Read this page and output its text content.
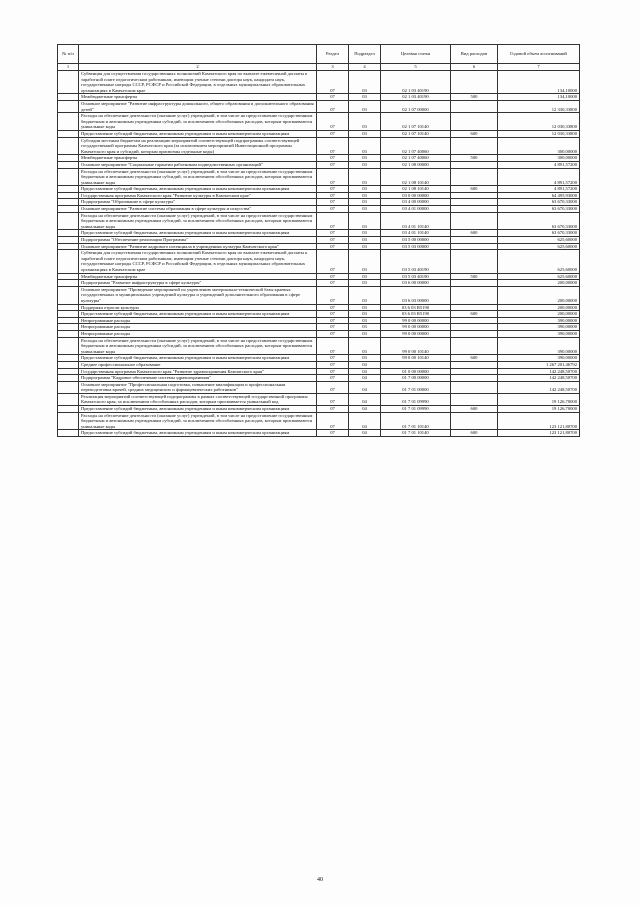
№ п/п		Раздел	Подраздел	Целевая статья	Вид расходов	Годовой объем ассигнований
1	2	3	4	5	6	7
	Субвенция для осуществления государственных полномочий Камчатского края по выплате ежемесячной доплаты к заработной плате педагогическим работникам, имеющим ученые степени доктора наук, кандидата наук, государственные награды СССР, РСФСР и Российской Федерации, в отдельных муниципальных образовательных организациях в Камчатском крае	07	03	02 1 03 40190		134,10000
	Межбюджетные трансферты	07	03	02 1 03 40190	500	134,10000
	Основное мероприятие "Развитие инфраструктуры дошкольного, общего образования и дополнительного образования детей"	07	03	02 1 07 00000		12 330,33800
	Расходы на обеспечение деятельности (оказание услуг) учреждений, в том числе на предоставление государственным бюджетным и автономным учреждениям субсидий, за исключением обособленных расходов, которым присваиваются уникальные коды	07	03	02 1 07 10140		12 030,33800
	Предоставление субсидий бюджетным, автономным учреждениям и иным некоммерческим организациям	07	03	02 1 07 10140	600	12 030,33800
	Субсидии местным бюджетам на реализацию мероприятий соответствующей подпрограммы соответствующей государственной программы Камчатского края (за исключением мероприятий Инвестиционной программы Камчатского края и субсидий, которым присвоены отдельные коды)	07	03	02 1 07 40060		300,00000
	Межбюджетные трансферты	07	03	02 1 07 40060	500	300,00000
	Основное мероприятие "Социальные гарантии работникам подведомственных организаций"	07	03	02 1 08 00000		4 891,57200
	Расходы на обеспечение деятельности (оказание услуг) учреждений, в том числе на предоставление государственным бюджетным и автономным учреждениям субсидий, за исключением обособленных расходов, которым присваиваются уникальные коды	07	03	02 1 08 10140		4 891,57200
	Предоставление субсидий бюджетным, автономным учреждениям и иным некоммерческим организациям	07	03	02 1 08 10140	600	4 891,57200
	Государственная программа Камчатского края "Развитие культуры в Камчатском крае"	07	03	03 0 00 00000		64 495,93000
	Подпрограмма "Образование в сфере культуры"	07	03	03 4 00 00000		63 670,33000
	Основное мероприятие "Развитие системы образования в сфере культуры и искусства"	07	03	03 4 01 00000		63 670,33000
	Расходы на обеспечение деятельности (оказание услуг) учреждений, в том числе на предоставление государственным бюджетным и автономным учреждениям субсидий, за исключением обособленных расходов, которым присваиваются уникальные коды	07	03	03 4 01 10140		63 670,33000
	Предоставление субсидий бюджетным, автономным учреждениям и иным некоммерческим организациям	07	03	03 4 01 10140	600	63 670,33000
	Подпрограмма "Обеспечение реализации Программы"	07	03	03 5 00 00000		625,60000
	Основное мероприятие "Развитие кадрового потенциала в учреждениях культуры Камчатского края"	07	03	03 5 03 00000		625,60000
	Субвенция для осуществления государственных полномочий Камчатского края по выплате ежемесячной доплаты к заработной плате педагогическим работникам, имеющим ученые степени доктора наук, кандидата наук, государственные награды СССР, РСФСР и Российской Федерации, в отдельных муниципальных образовательных организациях в Камчатском крае	07	03	03 5 03 40190		625,60000
	Межбюджетные трансферты	07	03	03 5 03 40190	500	625,60000
	Подпрограмма "Развитие инфраструктуры в сфере культуры"	07	03	03 6 00 00000		200,00000
	Основное мероприятие "Проведение мероприятий по укреплению материально-технической базы краевых государственных и муниципальных учреждений культуры и учреждений дополнительного образования в сфере культуры"	07	03	03 6 03 00000		200,00000
	Поддержка отрасли культуры	07	03	03 6 03 R5190		200,00000
	Предоставление субсидий бюджетным, автономным учреждениям и иным некоммерческим организациям	07	03	03 6 03 R5190	600	200,00000
	Непрограммные расходы	07	03	99 0 00 00000		390,00000
	Непрограммные расходы	07	03	99 0 00 00000		390,00000
	Непрограммные расходы	07	03	99 0 00 00000		390,00000
	Расходы на обеспечение деятельности (оказание услуг) учреждений, в том числе на предоставление государственным бюджетным и автономным учреждениям субсидий, за исключением обособленных расходов, которым присваиваются уникальные коды	07	03	99 0 00 10140		390,00000
	Предоставление субсидий бюджетным, автономным учреждениям и иным некоммерческим организациям	07	03	99 0 00 10140	600	390,00000
	Среднее профессиональное образование	07	04			1 267 201,46792
	Государственная программа Камчатского края "Развитие здравоохранения Камчатского края"	07	04	01 0 00 00000		142 248,50700
	Подпрограмма "Кадровое обеспечение системы здравоохранения"	07	04	01 7 00 00000		142 248,50700
	Основное мероприятие "Профессиональная подготовка, повышение квалификации и профессиональная переподготовка врачей, средних медицинских и фармацевтических работников"	07	04	01 7 01 00000		142 248,50700
	Реализация мероприятий соответствующей подпрограммы в рамках соответствующей государственной программы Камчатского края, за исключением обособленных расходов, которым присваивается уникальный код	07	04	01 7 01 09990		19 126,70000
	Предоставление субсидий бюджетным, автономным учреждениям и иным некоммерческим организациям	07	04	01 7 01 09990	600	19 126,70000
	Расходы на обеспечение деятельности (оказание услуг) учреждений, в том числе на предоставление государственным бюджетным и автономным учреждениям субсидий, за исключением обособленных расходов, которым присваиваются уникальные коды	07	04	01 7 01 10140		123 121,80700
	Предоставление субсидий бюджетным, автономным учреждениям и иным некоммерческим организациям	07	04	01 7 01 10140	600	123 121,80700
40
